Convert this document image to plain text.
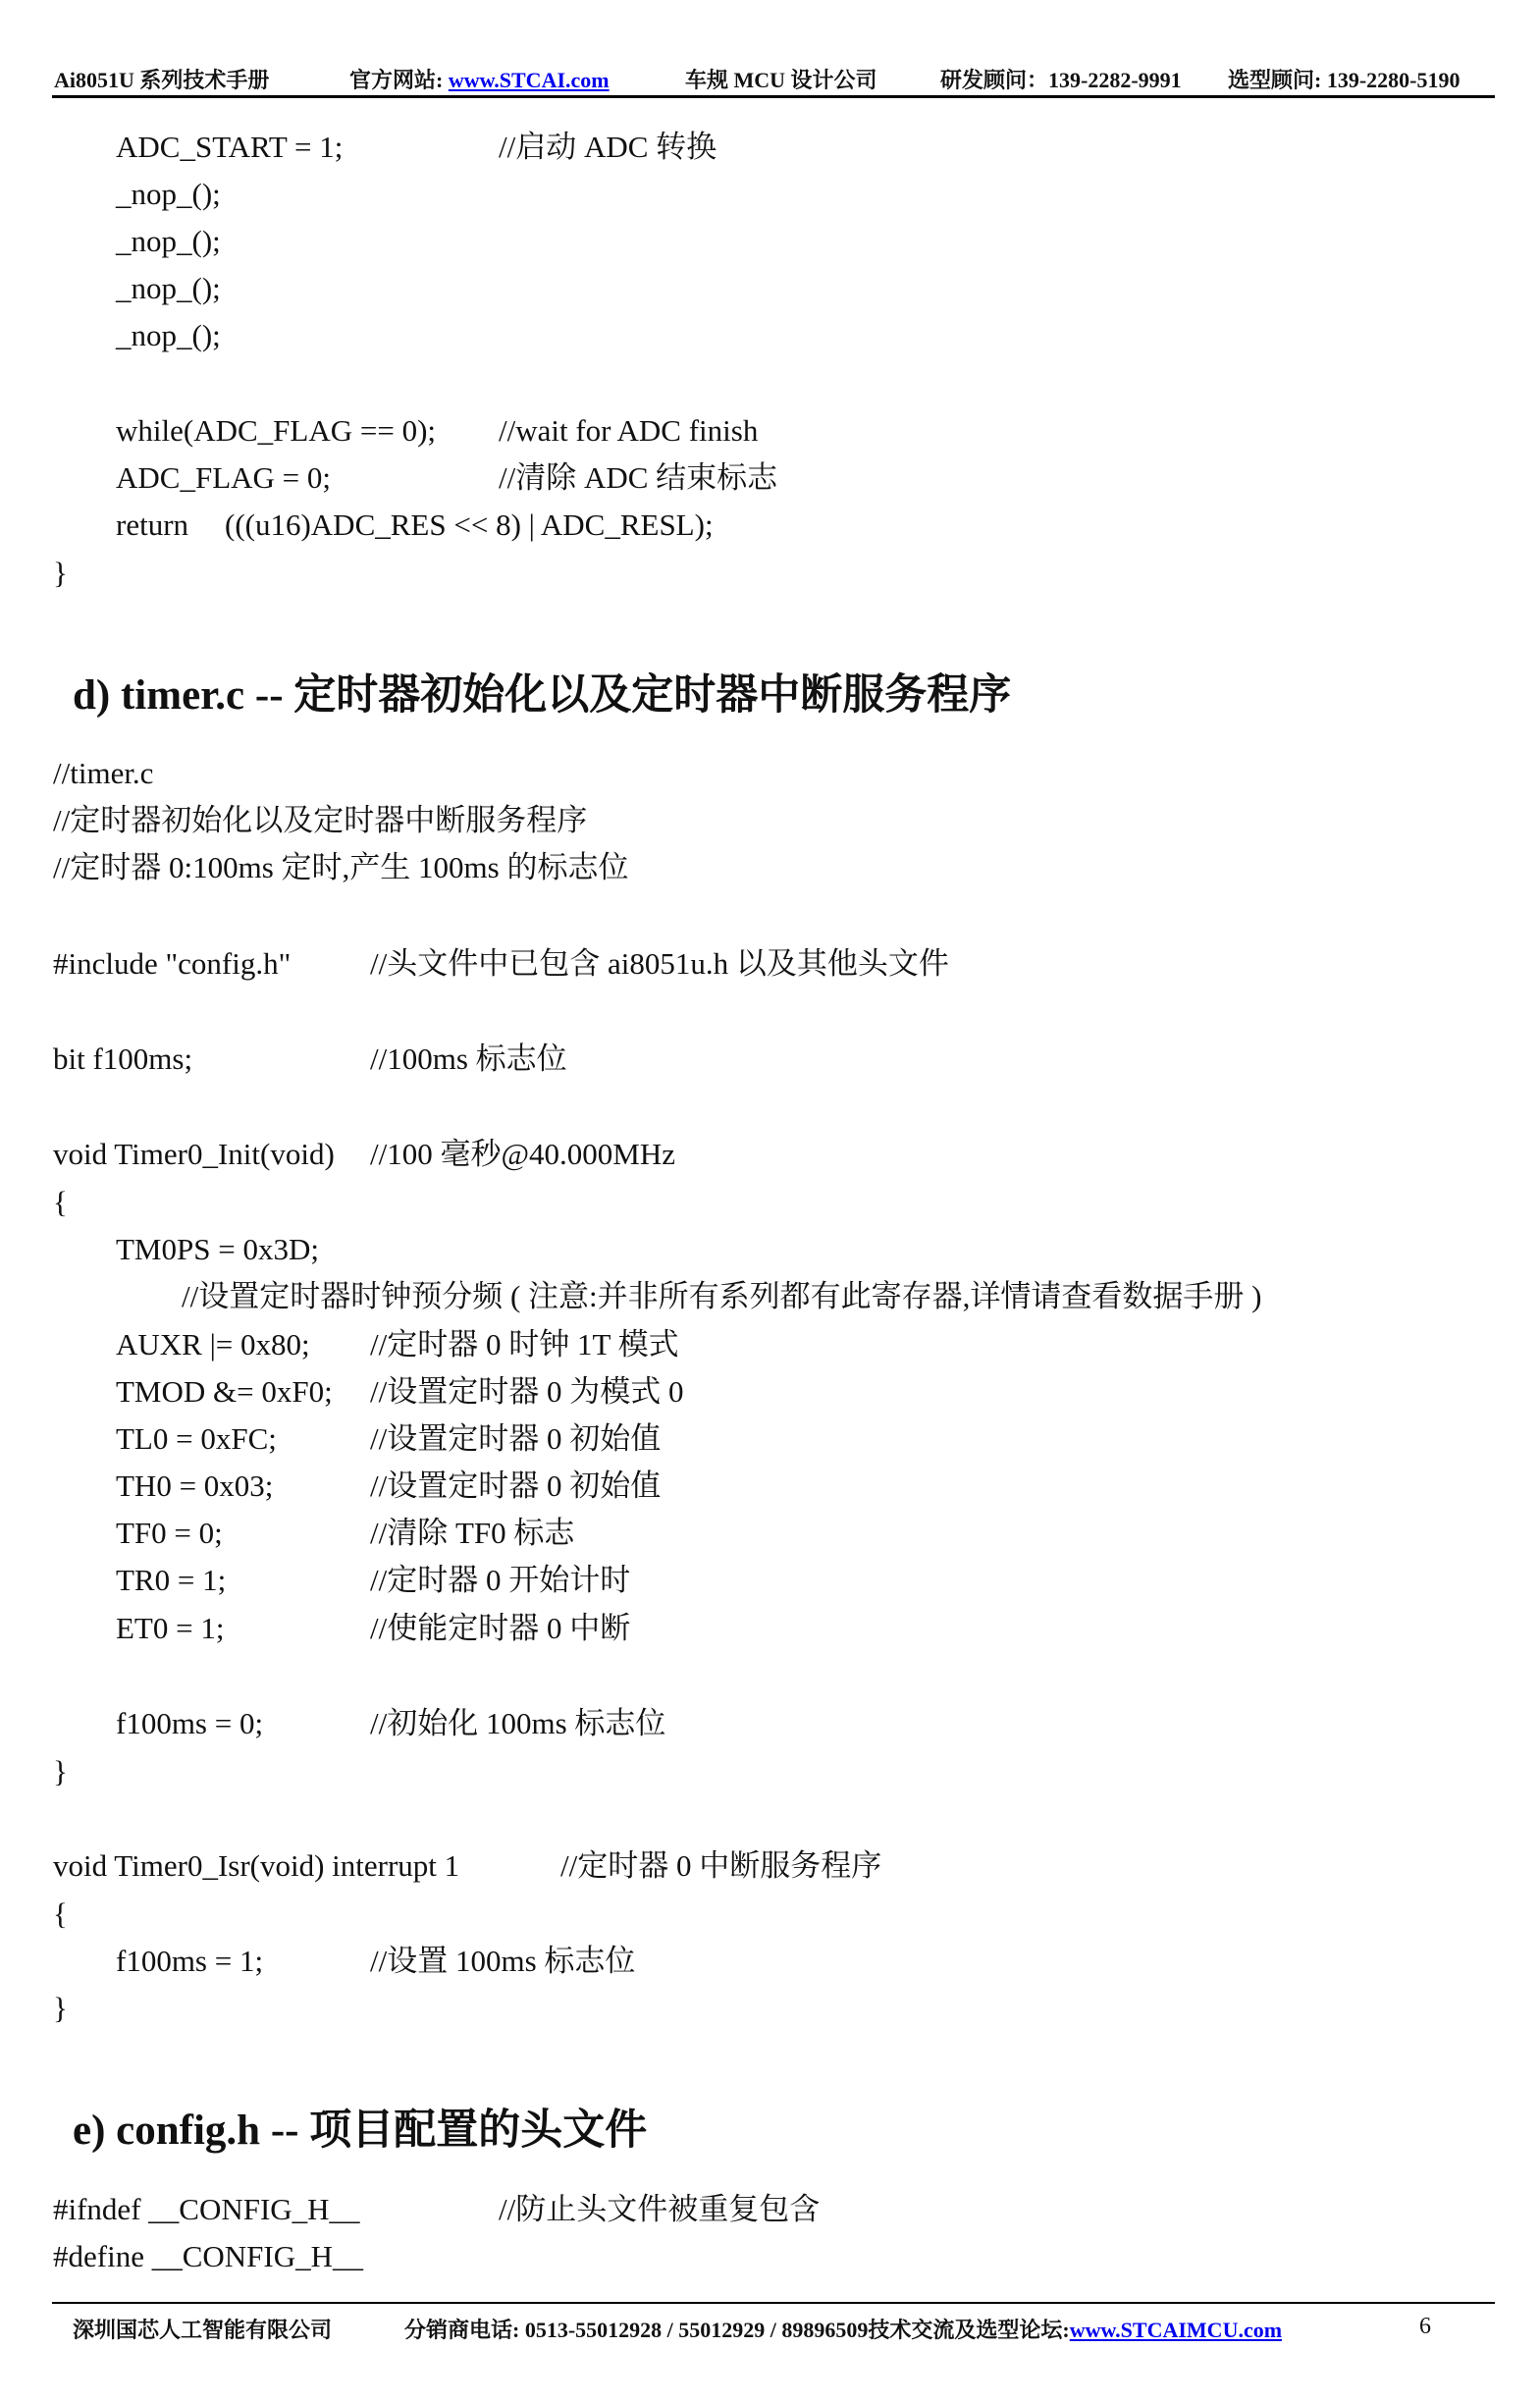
Ai8051U 系列技术手册	官方网站: www.STCAI.com	车规 MCU 设计公司	研发顾问：139-2282-9991 选型顾问: 139-2280-5190
ADC_START = 1;	//启动 ADC 转换
_nop_();
_nop_();
_nop_();
_nop_();
while(ADC_FLAG == 0); //wait for ADC finish
ADC_FLAG = 0;	//清除 ADC 结束标志
return (((u16)ADC_RES << 8) | ADC_RESL);
}
d) timer.c -- 定时器初始化以及定时器中断服务程序
//timer.c
//定时器初始化以及定时器中断服务程序
//定时器 0:100ms 定时,产生 100ms 的标志位
#include "config.h"	//头文件中已包含 ai8051u.h 以及其他头文件
bit f100ms;	//100ms 标志位
void Timer0_Init(void) //100 毫秒@40.000MHz
{
TM0PS = 0x3D;
//设置定时器时钟预分频 ( 注意:并非所有系列都有此寄存器,详情请查看数据手册 )
AUXR |= 0x80; //定时器 0 时钟 1T 模式
TMOD &= 0xF0; //设置定时器 0 为模式 0
TL0 = 0xFC;	//设置定时器 0 初始值
TH0 = 0x03;	//设置定时器 0 初始值
TF0 = 0;	//清除 TF0 标志
TR0 = 1;	//定时器 0 开始计时
ET0 = 1;	//使能定时器 0 中断
f100ms = 0;	//初始化 100ms 标志位
}
void Timer0_Isr(void) interrupt 1	//定时器 0 中断服务程序
{
f100ms = 1;	//设置 100ms 标志位
}
e) config.h -- 项目配置的头文件
#ifndef __CONFIG_H__	//防止头文件被重复包含
#define __CONFIG_H__
深圳国芯人工智能有限公司	分销商电话: 0513-55012928 / 55012929 / 89896509技术交流及选型论坛:www.STCAIMCU.com	6
